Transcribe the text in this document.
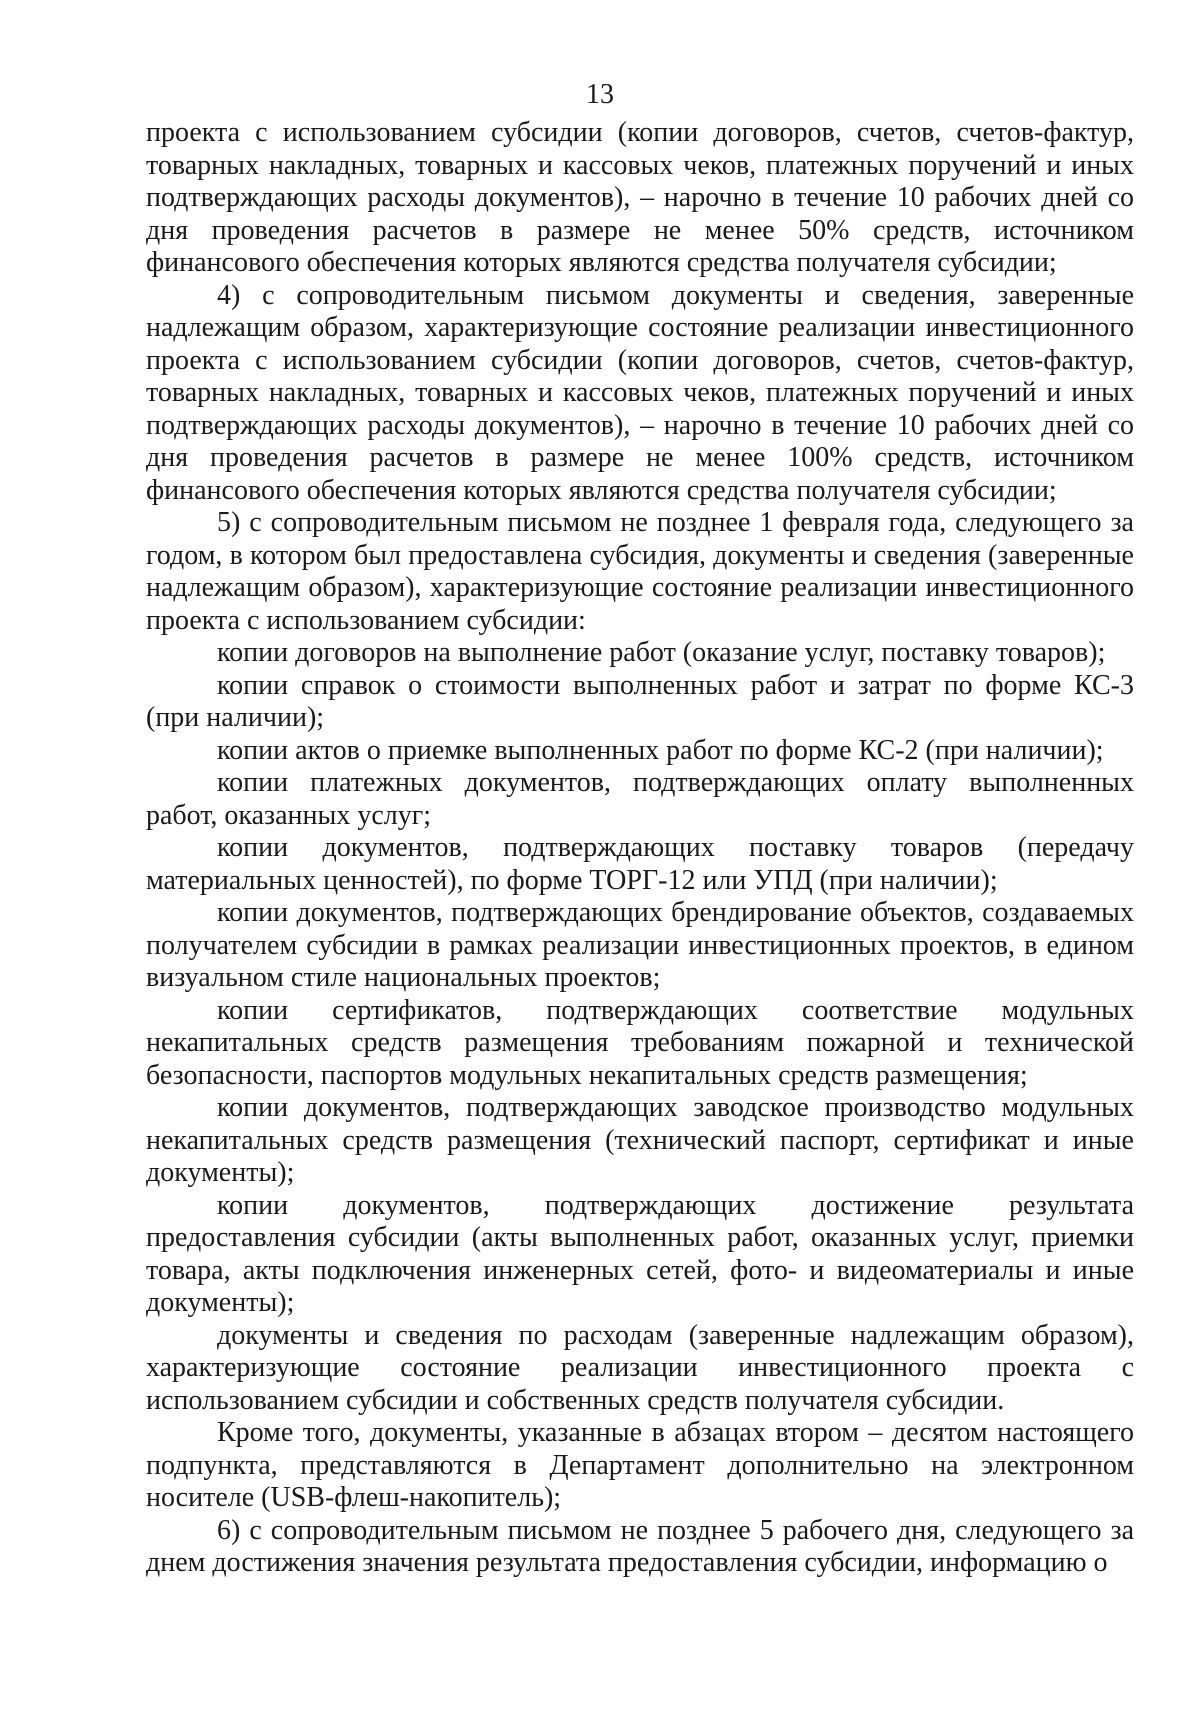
13

проекта с использованием субсидии (копии договоров, счетов, счетов-фактур, товарных накладных, товарных и кассовых чеков, платежных поручений и иных подтверждающих расходы документов), – нарочно в течение 10 рабочих дней со дня проведения расчетов в размере не менее 50% средств, источником финансового обеспечения которых являются средства получателя субсидии;

4) с сопроводительным письмом документы и сведения, заверенные надлежащим образом, характеризующие состояние реализации инвестиционного проекта с использованием субсидии (копии договоров, счетов, счетов-фактур, товарных накладных, товарных и кассовых чеков, платежных поручений и иных подтверждающих расходы документов), – нарочно в течение 10 рабочих дней со дня проведения расчетов в размере не менее 100% средств, источником финансового обеспечения которых являются средства получателя субсидии;

5) с сопроводительным письмом не позднее 1 февраля года, следующего за годом, в котором был предоставлена субсидия, документы и сведения (заверенные надлежащим образом), характеризующие состояние реализации инвестиционного проекта с использованием субсидии:

копии договоров на выполнение работ (оказание услуг, поставку товаров);

копии справок о стоимости выполненных работ и затрат по форме КС-3 (при наличии);

копии актов о приемке выполненных работ по форме КС-2 (при наличии);

копии платежных документов, подтверждающих оплату выполненных работ, оказанных услуг;

копии документов, подтверждающих поставку товаров (передачу материальных ценностей), по форме ТОРГ-12 или УПД (при наличии);

копии документов, подтверждающих брендирование объектов, создаваемых получателем субсидии в рамках реализации инвестиционных проектов, в едином визуальном стиле национальных проектов;

копии сертификатов, подтверждающих соответствие модульных некапитальных средств размещения требованиям пожарной и технической безопасности, паспортов модульных некапитальных средств размещения;

копии документов, подтверждающих заводское производство модульных некапитальных средств размещения (технический паспорт, сертификат и иные документы);

копии документов, подтверждающих достижение результата предоставления субсидии (акты выполненных работ, оказанных услуг, приемки товара, акты подключения инженерных сетей, фото- и видеоматериалы и иные документы);

документы и сведения по расходам (заверенные надлежащим образом), характеризующие состояние реализации инвестиционного проекта с использованием субсидии и собственных средств получателя субсидии.

Кроме того, документы, указанные в абзацах втором – десятом настоящего подпункта, представляются в Департамент дополнительно на электронном носителе (USB-флеш-накопитель);

6) с сопроводительным письмом не позднее 5 рабочего дня, следующего за днем достижения значения результата предоставления субсидии, информацию о
